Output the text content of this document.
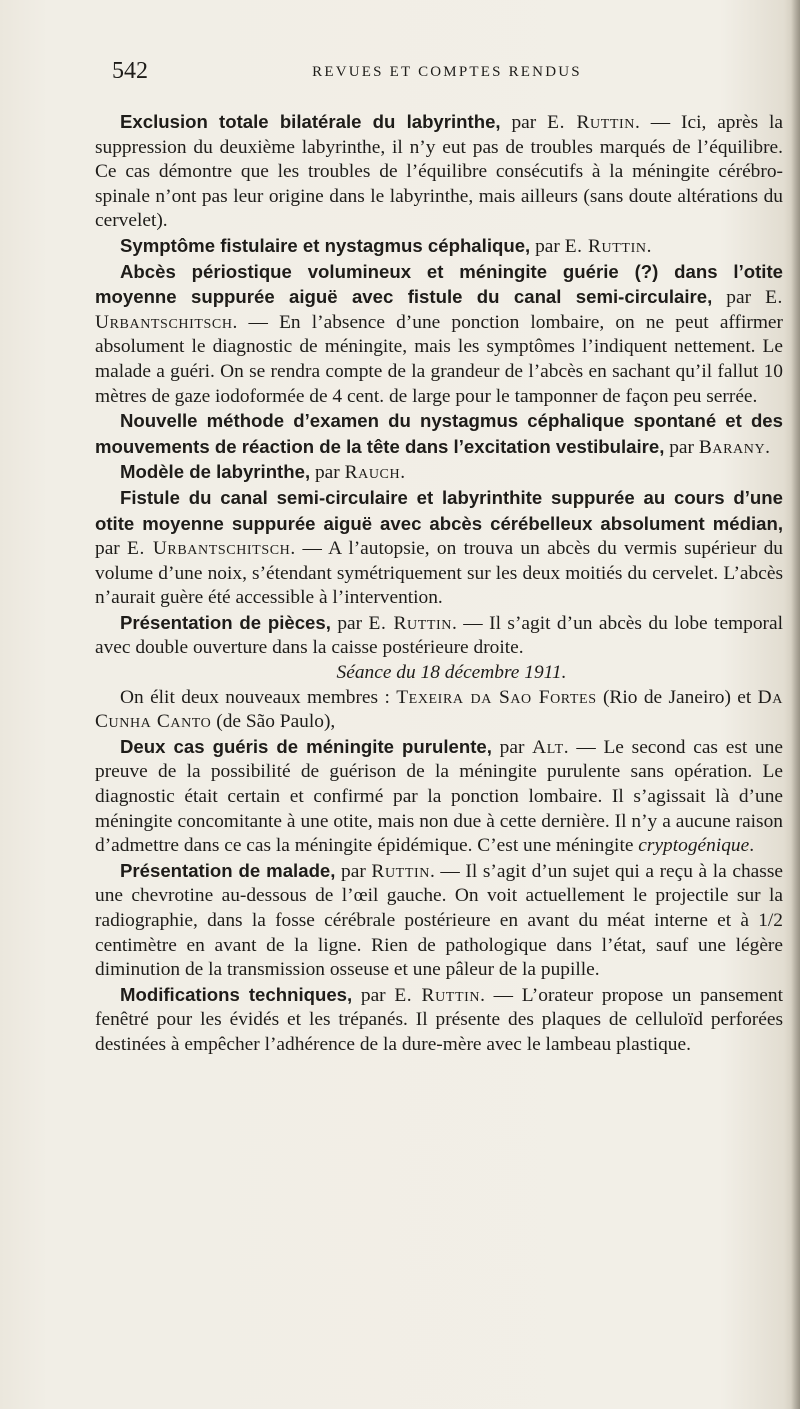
542	REVUES ET COMPTES RENDUS

Exclusion totale bilatérale du labyrinthe, par E. Ruttin. — Ici, après la suppression du deuxième labyrinthe, il n’y eut pas de troubles marqués de l’équilibre. Ce cas démontre que les troubles de l’équilibre consécutifs à la méningite cérébro-spinale n’ont pas leur origine dans le labyrinthe, mais ailleurs (sans doute altérations du cervelet).

Symptôme fistulaire et nystagmus céphalique, par E. Ruttin.

Abcès périostique volumineux et méningite guérie (?) dans l’otite moyenne suppurée aiguë avec fistule du canal semi-circulaire, par E. Urbantschitsch. — En l’absence d’une ponction lombaire, on ne peut affirmer absolument le diagnostic de méningite, mais les symptômes l’indiquent nettement. Le malade a guéri. On se rendra compte de la grandeur de l’abcès en sachant qu’il fallut 10 mètres de gaze iodoformée de 4 cent. de large pour le tamponner de façon peu serrée.

Nouvelle méthode d’examen du nystagmus céphalique spontané et des mouvements de réaction de la tête dans l’excitation vestibulaire, par Barany.

Modèle de labyrinthe, par Rauch.

Fistule du canal semi-circulaire et labyrinthite suppurée au cours d’une otite moyenne suppurée aiguë avec abcès cérébelleux absolument médian, par E. Urbantschitsch. — A l’autopsie, on trouva un abcès du vermis supérieur du volume d’une noix, s’étendant symétriquement sur les deux moitiés du cervelet. L’abcès n’aurait guère été accessible à l’intervention.

Présentation de pièces, par E. Ruttin. — Il s’agit d’un abcès du lobe temporal avec double ouverture dans la caisse postérieure droite.

Séance du 18 décembre 1911.

On élit deux nouveaux membres : Texeira da Sao Fortes (Rio de Janeiro) et Da Cunha Canto (de São Paulo),

Deux cas guéris de méningite purulente, par Alt. — Le second cas est une preuve de la possibilité de guérison de la méningite purulente sans opération. Le diagnostic était certain et confirmé par la ponction lombaire. Il s’agissait là d’une méningite concomitante à une otite, mais non due à cette dernière. Il n’y a aucune raison d’admettre dans ce cas la méningite épidémique. C’est une méningite cryptogénique.

Présentation de malade, par Ruttin. — Il s’agit d’un sujet qui a reçu à la chasse une chevrotine au-dessous de l’œil gauche. On voit actuellement le projectile sur la radiographie, dans la fosse cérébrale postérieure en avant du méat interne et à 1/2 centimètre en avant de la ligne. Rien de pathologique dans l’état, sauf une légère diminution de la transmission osseuse et une pâleur de la pupille.

Modifications techniques, par E. Ruttin. — L’orateur propose un pansement fenêtré pour les évidés et les trépanés. Il présente des plaques de celluloïd perforées destinées à empêcher l’adhérence de la dure-mère avec le lambeau plastique.
